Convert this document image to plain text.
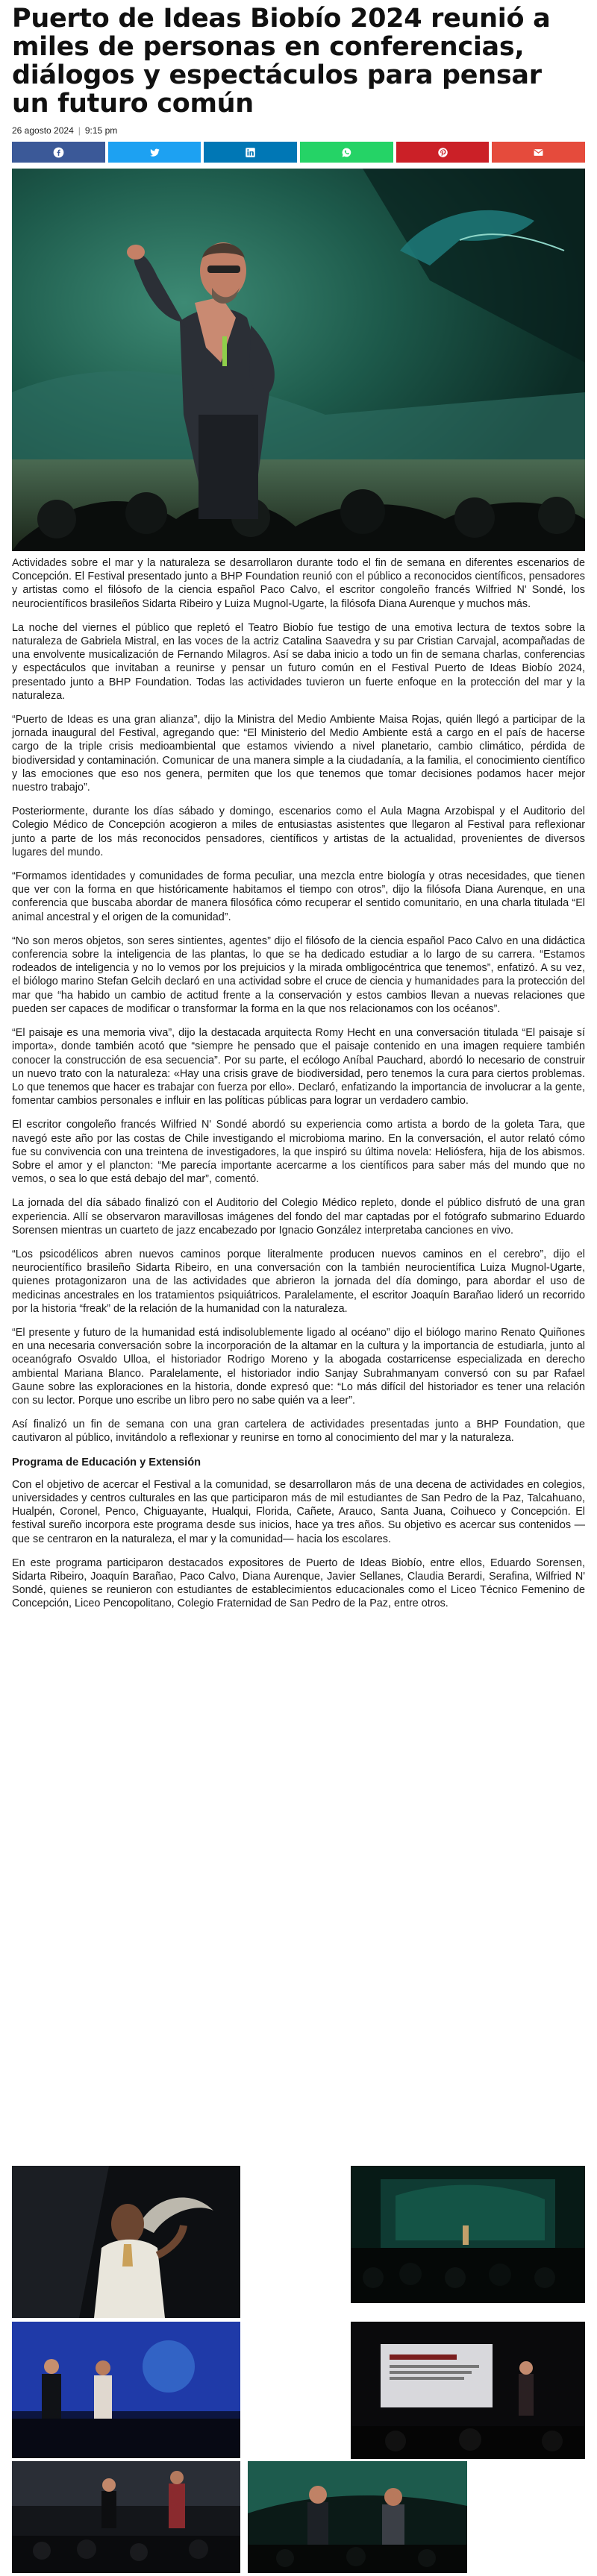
Puerto de Ideas Biobío 2024 reunió a miles de personas en conferencias, diálogos y espectáculos para pensar un futuro común
26 agosto 2024 | 9:15 pm

Actividades sobre el mar y la naturaleza se desarrollaron durante todo el fin de semana en diferentes escenarios de Concepción. El Festival presentado junto a BHP Foundation reunió con el público a reconocidos científicos, pensadores y artistas como el filósofo de la ciencia español Paco Calvo, el escritor congoleño francés Wilfried N' Sondé, los neurocientíficos brasileños Sidarta Ribeiro y Luiza Mugnol-Ugarte, la filósofa Diana Aurenque y muchos más.

La noche del viernes el público que repletó el Teatro Biobío fue testigo de una emotiva lectura de textos sobre la naturaleza de Gabriela Mistral, en las voces de la actriz Catalina Saavedra y su par Cristian Carvajal, acompañadas de una envolvente musicalización de Fernando Milagros. Así se daba inicio a todo un fin de semana charlas, conferencias y espectáculos que invitaban a reunirse y pensar un futuro común en el Festival Puerto de Ideas Biobío 2024, presentado junto a BHP Foundation. Todas las actividades tuvieron un fuerte enfoque en la protección del mar y la naturaleza.

“Puerto de Ideas es una gran alianza”, dijo la Ministra del Medio Ambiente Maisa Rojas, quién llegó a participar de la jornada inaugural del Festival, agregando que: “El Ministerio del Medio Ambiente está a cargo en el país de hacerse cargo de la triple crisis medioambiental que estamos viviendo a nivel planetario, cambio climático, pérdida de biodiversidad y contaminación. Comunicar de una manera simple a la ciudadanía, a la familia, el conocimiento científico y las emociones que eso nos genera, permiten que los que tenemos que tomar decisiones podamos hacer mejor nuestro trabajo”.

Posteriormente, durante los días sábado y domingo, escenarios como el Aula Magna Arzobispal y el Auditorio del Colegio Médico de Concepción acogieron a miles de entusiastas asistentes que llegaron al Festival para reflexionar junto a parte de los más reconocidos pensadores, científicos y artistas de la actualidad, provenientes de diversos lugares del mundo.

“Formamos identidades y comunidades de forma peculiar, una mezcla entre biología y otras necesidades, que tienen que ver con la forma en que históricamente habitamos el tiempo con otros”, dijo la filósofa Diana Aurenque, en una conferencia que buscaba abordar de manera filosófica cómo recuperar el sentido comunitario, en una charla titulada “El animal ancestral y el origen de la comunidad”.

“No son meros objetos, son seres sintientes, agentes” dijo el filósofo de la ciencia español Paco Calvo en una didáctica conferencia sobre la inteligencia de las plantas, lo que se ha dedicado estudiar a lo largo de su carrera. “Estamos rodeados de inteligencia y no lo vemos por los prejuicios y la mirada ombligocéntrica que tenemos”, enfatizó. A su vez, el biólogo marino Stefan Gelcih declaró en una actividad sobre el cruce de ciencia y humanidades para la protección del mar que “ha habido un cambio de actitud frente a la conservación y estos cambios llevan a nuevas relaciones que pueden ser capaces de modificar o transformar la forma en la que nos relacionamos con los océanos”.

“El paisaje es una memoria viva”, dijo la destacada arquitecta Romy Hecht en una conversación titulada “El paisaje sí importa», donde también acotó que “siempre he pensado que el paisaje contenido en una imagen requiere también conocer la construcción de esa secuencia”. Por su parte, el ecólogo Aníbal Pauchard, abordó lo necesario de construir un nuevo trato con la naturaleza: «Hay una crisis grave de biodiversidad, pero tenemos la cura para ciertos problemas. Lo que tenemos que hacer es trabajar con fuerza por ello». Declaró, enfatizando la importancia de involucrar a la gente, fomentar cambios personales e influir en las políticas públicas para lograr un verdadero cambio.

El escritor congoleño francés Wilfried N' Sondé abordó su experiencia como artista a bordo de la goleta Tara, que navegó este año por las costas de Chile investigando el microbioma marino. En la conversación, el autor relató cómo fue su convivencia con una treintena de investigadores, la que inspiró su última novela: Heliósfera, hija de los abismos. Sobre el amor y el plancton: “Me parecía importante acercarme a los científicos para saber más del mundo que no vemos, o sea lo que está debajo del mar”, comentó.

La jornada del día sábado finalizó con el Auditorio del Colegio Médico repleto, donde el público disfrutó de una gran experiencia. Allí se observaron maravillosas imágenes del fondo del mar captadas por el fotógrafo submarino Eduardo Sorensen mientras un cuarteto de jazz encabezado por Ignacio González interpretaba canciones en vivo.

“Los psicodélicos abren nuevos caminos porque literalmente producen nuevos caminos en el cerebro”, dijo el neurocientífico brasileño Sidarta Ribeiro, en una conversación con la también neurocientífica Luiza Mugnol-Ugarte, quienes protagonizaron una de las actividades que abrieron la jornada del día domingo, para abordar el uso de medicinas ancestrales en los tratamientos psiquiátricos. Paralelamente, el escritor Joaquín Barañao lideró un recorrido por la historia “freak” de la relación de la humanidad con la naturaleza.

“El presente y futuro de la humanidad está indisolublemente ligado al océano” dijo el biólogo marino Renato Quiñones en una necesaria conversación sobre la incorporación de la altamar en la cultura y la importancia de estudiarla, junto al oceanógrafo Osvaldo Ulloa, el historiador Rodrigo Moreno y la abogada costarricense especializada en derecho ambiental Mariana Blanco. Paralelamente, el historiador indio Sanjay Subrahmanyam conversó con su par Rafael Gaune sobre las exploraciones en la historia, donde expresó que: “Lo más difícil del historiador es tener una relación con su lector. Porque uno escribe un libro pero no sabe quién va a leer”.

Así finalizó un fin de semana con una gran cartelera de actividades presentadas junto a BHP Foundation, que cautivaron al público, invitándolo a reflexionar y reunirse en torno al conocimiento del mar y la naturaleza.

Programa de Educación y Extensión

Con el objetivo de acercar el Festival a la comunidad, se desarrollaron más de una decena de actividades en colegios, universidades y centros culturales en las que participaron más de mil estudiantes de San Pedro de la Paz, Talcahuano, Hualpén, Coronel, Penco, Chiguayante, Hualqui, Florida, Cañete, Arauco, Santa Juana, Coihueco y Concepción. El festival sureño incorpora este programa desde sus inicios, hace ya tres años. Su objetivo es acercar sus contenidos —que se centraron en la naturaleza, el mar y la comunidad— hacia los escolares.

En este programa participaron destacados expositores de Puerto de Ideas Biobío, entre ellos, Eduardo Sorensen, Sidarta Ribeiro, Joaquín Barañao, Paco Calvo, Diana Aurenque, Javier Sellanes, Claudia Berardi, Serafina, Wilfried N' Sondé, quienes se reunieron con estudiantes de establecimientos educacionales como el Liceo Técnico Femenino de Concepción, Liceo Pencopolitano, Colegio Fraternidad de San Pedro de la Paz, entre otros.
